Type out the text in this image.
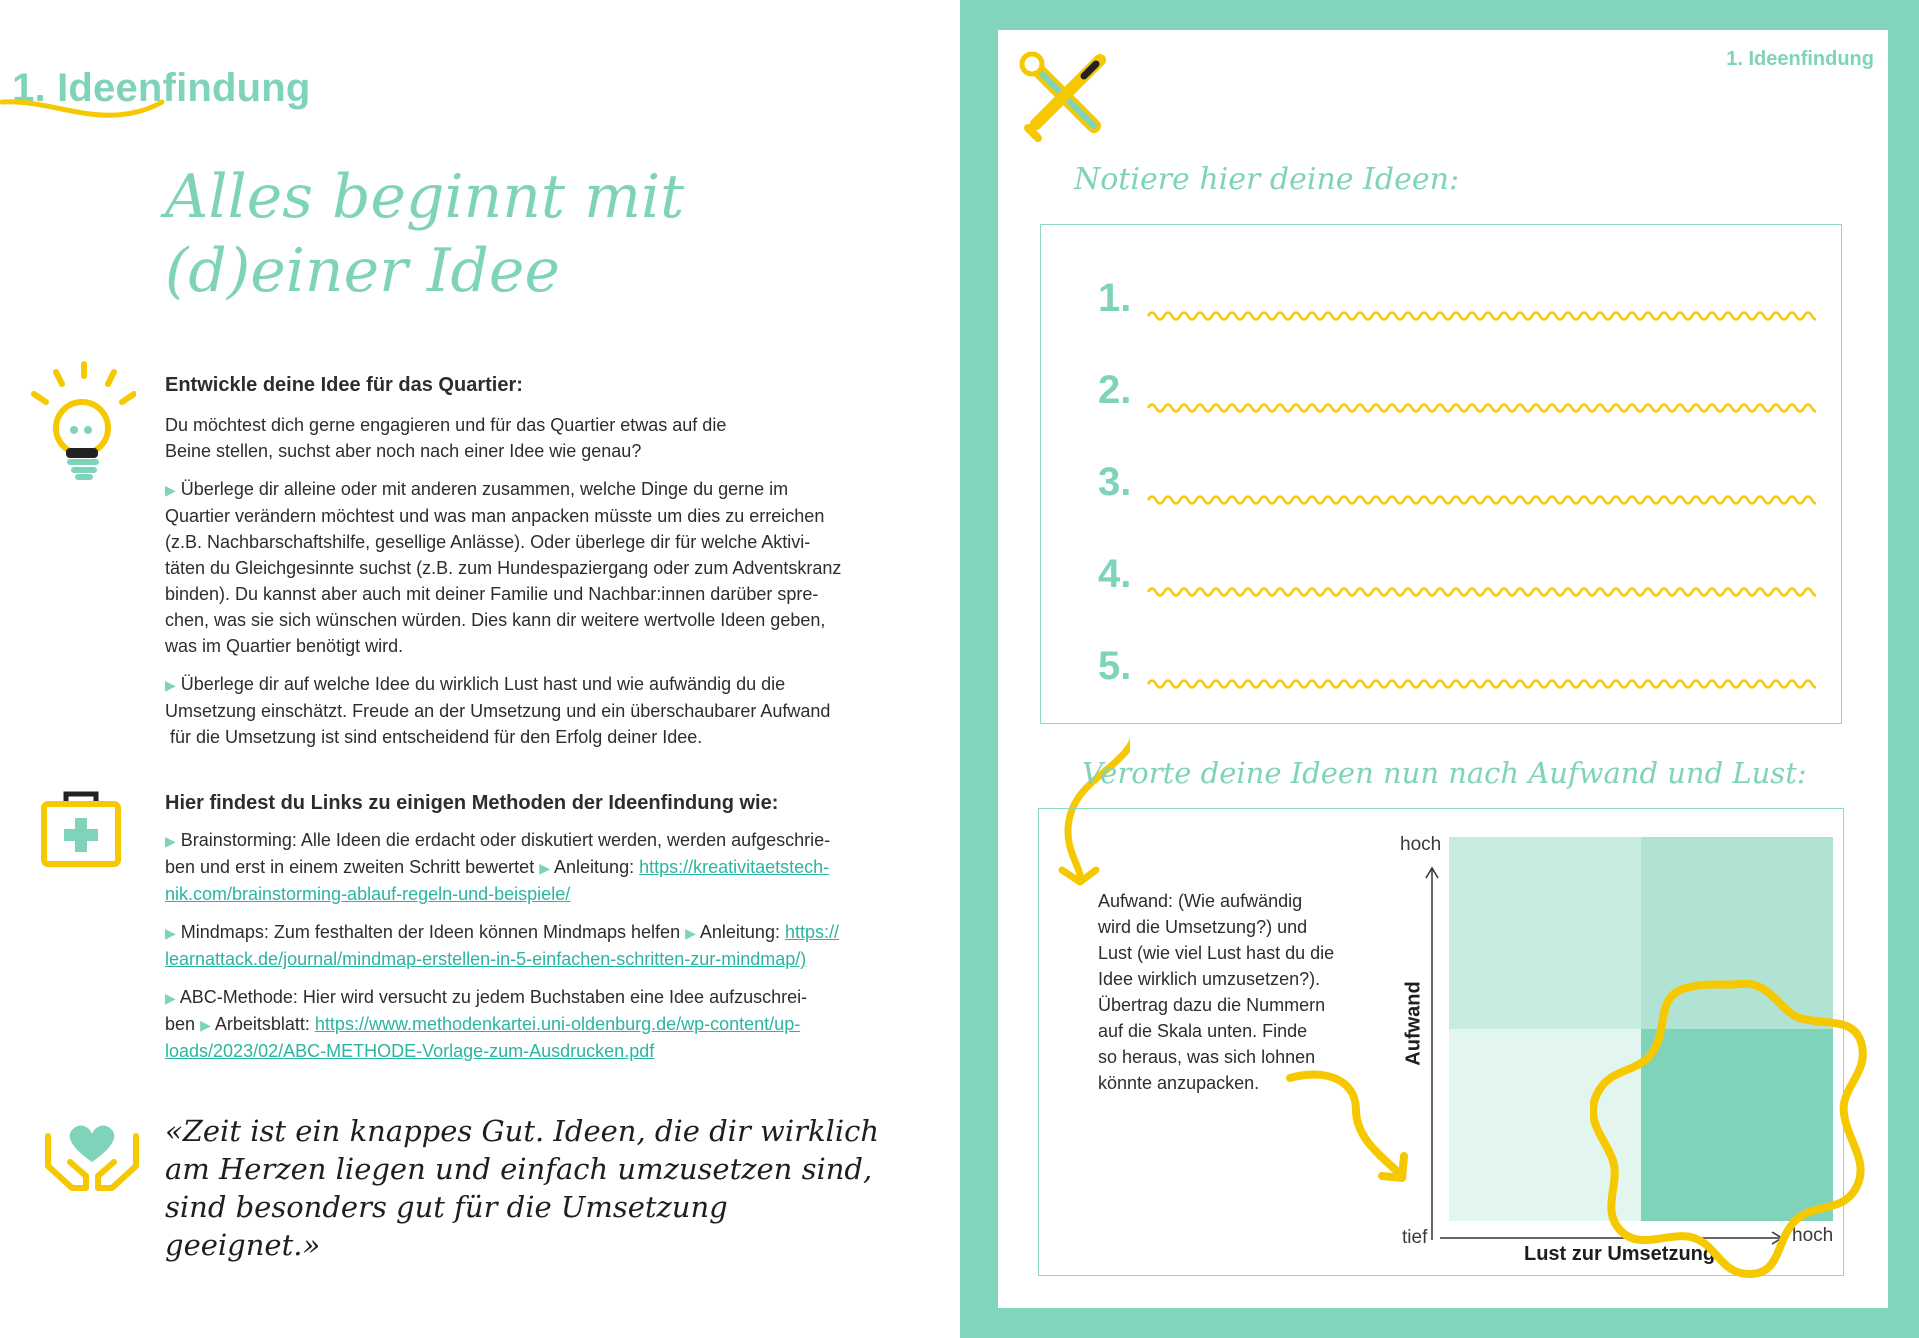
1. Ideenfindung
Alles beginnt mit
(d)einer Idee
Entwickle deine Idee für das Quartier:

Du möchtest dich gerne engagieren und für das Quartier etwas auf die
Beine stellen, suchst aber noch nach einer Idee wie genau?

▶ Überlege dir alleine oder mit anderen zusammen, welche Dinge du gerne im
Quartier verändern möchtest und was man anpacken müsste um dies zu erreichen
(z.B. Nachbarschaftshilfe, gesellige Anlässe). Oder überlege dir für welche Aktivi-
täten du Gleichgesinnte suchst (z.B. zum Hundespaziergang oder zum Adventskranz
binden). Du kannst aber auch mit deiner Familie und Nachbar:innen darüber spre-
chen, was sie sich wünschen würden. Dies kann dir weitere wertvolle Ideen geben,
was im Quartier benötigt wird.

▶ Überlege dir auf welche Idee du wirklich Lust hast und wie aufwändig du die
Umsetzung einschätzt. Freude an der Umsetzung und ein überschaubarer Aufwand
für die Umsetzung ist sind entscheidend für den Erfolg deiner Idee.

Hier findest du Links zu einigen Methoden der Ideenfindung wie:

▶ Brainstorming: Alle Ideen die erdacht oder diskutiert werden, werden aufgeschrie-
ben und erst in einem zweiten Schritt bewertet ▶ Anleitung: https://kreativitaetstech-
nik.com/brainstorming-ablauf-regeln-und-beispiele/

▶ Mindmaps: Zum festhalten der Ideen können Mindmaps helfen ▶ Anleitung: https://
learnattack.de/journal/mindmap-erstellen-in-5-einfachen-schritten-zur-mindmap/)

▶ ABC-Methode: Hier wird versucht zu jedem Buchstaben eine Idee aufzuschrei-
ben ▶ Arbeitsblatt: https://www.methodenkartei.uni-oldenburg.de/wp-content/up-
loads/2023/02/ABC-METHODE-Vorlage-zum-Ausdrucken.pdf

«Zeit ist ein knappes Gut. Ideen, die dir wirklich
am Herzen liegen und einfach umzusetzen sind,
sind besonders gut für die Umsetzung geeignet.»
1. Ideenfindung
Notiere hier deine Ideen:
1.
2.
3.
4.
5.
Verorte deine Ideen nun nach Aufwand und Lust:
Aufwand: (Wie aufwändig
wird die Umsetzung?) und
Lust (wie viel Lust hast du die
Idee wirklich umzusetzen?).
Übertrag dazu die Nummern
auf die Skala unten. Finde
so heraus, was sich lohnen
könnte anzupacken.
hoch
tief	hoch
Aufwand
Lust zur Umsetzung
